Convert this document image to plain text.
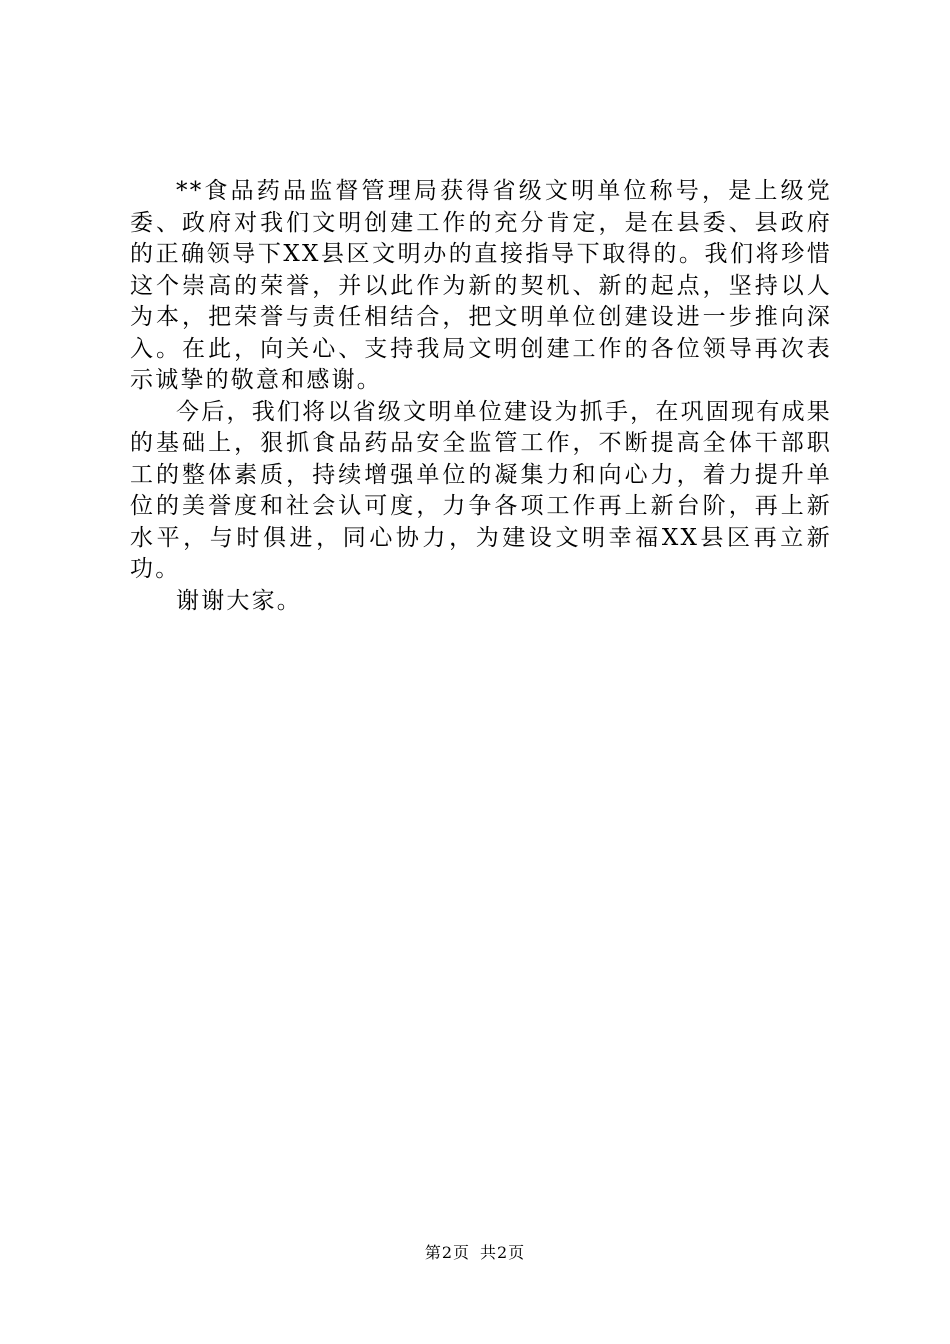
**食品药品监督管理局获得省级文明单位称号，是上级党委、政府对我们文明创建工作的充分肯定，是在县委、县政府的正确领导下XX县区文明办的直接指导下取得的。我们将珍惜这个崇高的荣誉，并以此作为新的契机、新的起点，坚持以人为本，把荣誉与责任相结合，把文明单位创建设进一步推向深入。在此，向关心、支持我局文明创建工作的各位领导再次表示诚挚的敬意和感谢。

今后，我们将以省级文明单位建设为抓手，在巩固现有成果的基础上，狠抓食品药品安全监管工作，不断提高全体干部职工的整体素质，持续增强单位的凝集力和向心力，着力提升单位的美誉度和社会认可度，力争各项工作再上新台阶，再上新水平，与时俱进，同心协力，为建设文明幸福XX县区再立新功。

谢谢大家。

第2页 共2页
